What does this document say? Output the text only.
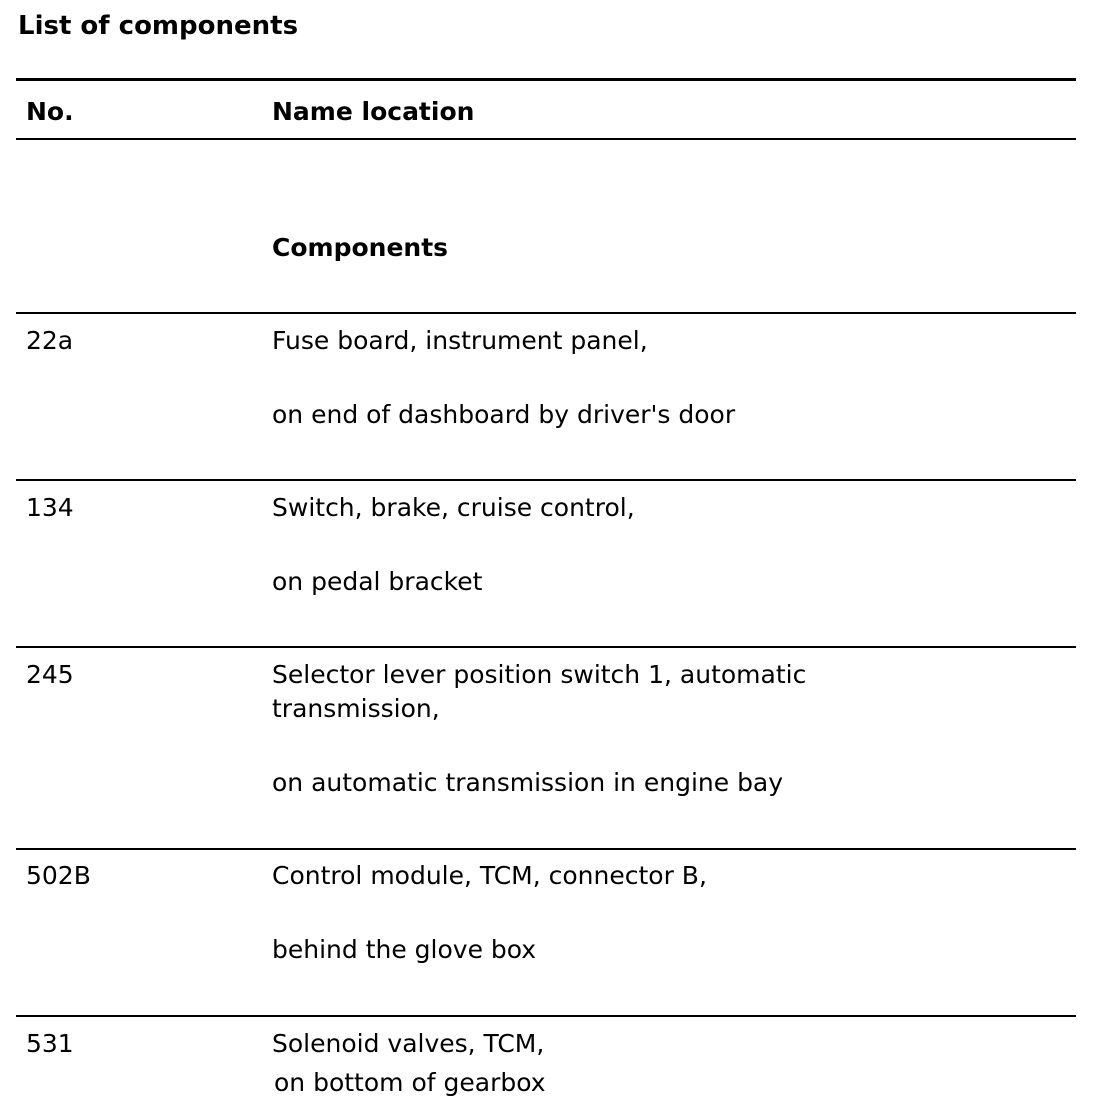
List of components
No.	Name location
Components
22a	Fuse board, instrument panel,
on end of dashboard by driver's door
134	Switch, brake, cruise control,
on pedal bracket
245	Selector lever position switch 1, automatic
transmission,
on automatic transmission in engine bay
502B	Control module, TCM, connector B,
behind the glove box
531	Solenoid valves, TCM,
on bottom of gearbox
